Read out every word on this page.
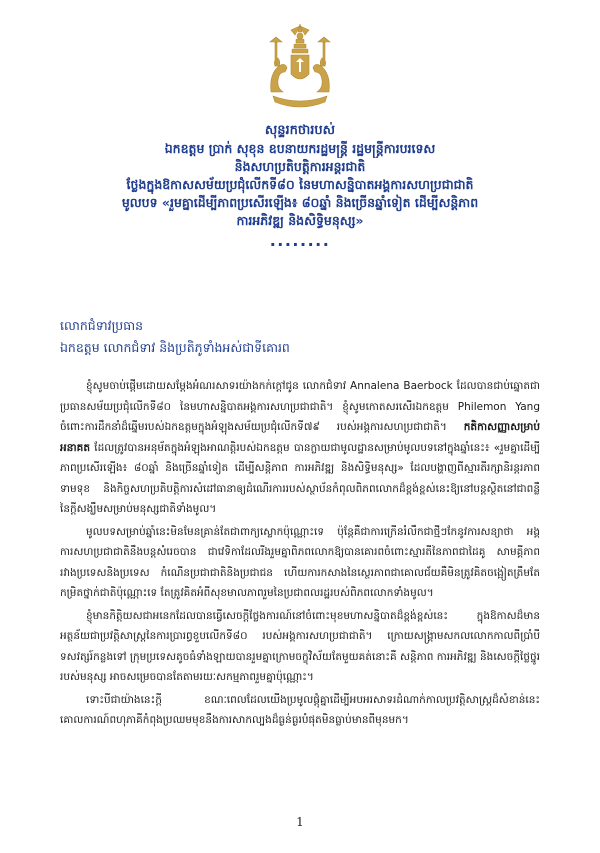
សុន្ទរកថារបស់
ឯកឧត្តម ប្រាក់ សុខុន ឧបនាយករដ្ឋមន្ត្រី រដ្ឋមន្ត្រីការបរទេស
និងសហប្រតិបត្តិការអន្តរជាតិ
ថ្លែងក្នុងឱកាសសម័យប្រជុំលើកទី៨០ នៃមហាសន្និបាតអង្គការសហប្រជាជាតិ
មូលបទ «រួមគ្នាដើម្បីភាពប្រសើរឡើង៖ ៨០ឆ្នាំ និងច្រើនឆ្នាំទៀត ដើម្បីសន្តិភាព
ការអភិវឌ្ឍ និងសិទ្ធិមនុស្ស»
........
លោកជំទាវប្រធាន
ឯកឧត្តម លោកជំទាវ និងប្រតិភូទាំងអស់ជាទីគោរព

ខ្ញុំសូមចាប់ផ្តើមដោយសម្តែងអំណរសាទរយ៉ាងកក់ក្តៅជូន លោកជំទាវ Annalena Baerbock ដែលបានជាប់ឆ្នោតជាប្រធានសម័យប្រជុំលើកទី៨០ នៃមហាសន្និបាតអង្គការសហប្រជាជាតិ។ ខ្ញុំសូមកោតសរសើរឯកឧត្តម Philemon Yang ចំពោះការដឹកនាំដ៏ឆ្នើមរបស់ឯកឧត្តមក្នុងអំឡុងសម័យប្រជុំលើកទី៧៩ របស់អង្គការសហប្រជាជាតិ។ កតិកាសញ្ញាសម្រាប់អនាគត ដែលត្រូវបានអនុម័តក្នុងអំឡុងអាណត្តិរបស់ឯកឧត្តម បានក្លាយជាមូលដ្ឋានសម្រាប់មូលបទនៅក្នុងឆ្នាំនេះ៖ «រួមគ្នាដើម្បីភាពប្រសើរឡើង៖ ៨០ឆ្នាំ និងច្រើនឆ្នាំទៀត ដើម្បីសន្តិភាព ការអភិវឌ្ឍ និងសិទ្ធិមនុស្ស» ដែលបង្ហាញពីស្មារតីរក្សានិរន្តរភាពទាមទុខ និងកិច្ចសហប្រតិបត្តិការសំដៅធានាឲ្យដំណើរការរបស់ស្ថាប័នកំពុលពិភពលោកដ៏ខ្ពង់ខ្ពស់នេះឱ្យនៅបន្តស្ថិតនៅជាពន្លឺនៃក្តីសង្ឃឹមសម្រាប់មនុស្សជាតិទាំងមូល។

មូលបទសម្រាប់ឆ្នាំនេះមិនមែនគ្រាន់តែជាពាក្យស្លោកប៉ុណ្ណោះទេ ប៉ុន្តែគឺជាការក្រើនរំលឹកជាថ្មីៗកែនូវការសន្យាថា អង្គការសហប្រជាជាតិនឹងបន្តសំរេចបាន ជាវេទិកាដែលរីងរួមគ្នាពិភពលោកឱ្យបានគោរពចំពោះស្មារតីនៃភាពជាដៃគូ សាមគ្គីភាពរវាងប្រទេសនិងប្រទេស កំណើនប្រជាជាតិនិងប្រជាជន ហើយការកសាងនៃស្ថេរភាពជាគោលជ័យគឺមិនត្រូវគិតចង្អៀតត្រឹមតែកម្រិតថ្នាក់ជាតិប៉ុណ្ណោះទេ តែត្រូវគិតអំពីសុខមាលភាពរួមនៃប្រជាពលរដ្ឋរបស់ពិភពលោកទាំងមូល។

ខ្ញុំមានកិត្តិយសជាអនេកដែលបានធ្វើសេចក្តីថ្លែងការណ៍នៅចំពោះមុខមហាសន្និបាតដ៏ខ្ពង់ខ្ពស់នេះ ក្នុងឱកាសដ៏មានអត្ថន័យជាប្រវត្តិសាស្ត្រនៃការប្រារព្ធខួបលើកទី៨០ របស់អង្គការសហប្រជាជាតិ។ ក្រោយសង្គ្រាមសកលលោកកាលពីប្រាំបីទសវត្សរ៍កន្លងទៅ ក្រុមប្រទេសតូចធំទាំងឡាយបានរួមគ្នាក្រោមចក្ខុវិស័យតែមួយគត់នោះគឺ សន្តិភាព ការអភិវឌ្ឍ និងសេចក្តីថ្លៃថ្នូររបស់មនុស្ស អាចសម្រេចបានតែតាមរយៈសកម្មភាពរួមគ្នាប៉ុណ្ណោះ។

ទោះបីជាយ៉ាងនេះក្តី ខណៈពេលដែលយើងប្រមូលផ្តុំគ្នាដើម្បីអបអរសាទរដំណាក់កាលប្រវត្តិសាស្ត្រដ៏សំខាន់នេះ គោលការណ៍ពហុភាគីកំពុងប្រឈមមុខនឹងការសាកល្បងដ៏ធ្ងន់ធ្ងរបំផុតមិនធ្លាប់មានពីមុនមក។

1
